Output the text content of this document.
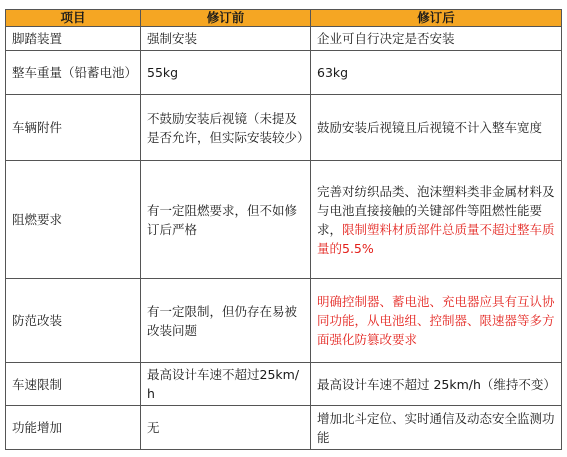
项目	修订前	修订后
脚踏装置	强制安装	企业可自行决定是否安装
整车重量（铅蓄电池）	55kg	63kg
车辆附件	不鼓励安装后视镜（未提及是否允许，但实际安装较少）	鼓励安装后视镜且后视镜不计入整车宽度
阻燃要求	有一定阻燃要求，但不如修订后严格	完善对纺织品类、泡沫塑料类非金属材料及与电池直接接触的关键部件等阻燃性能要求，限制塑料材质部件总质量不超过整车质量的5.5%
防范改装	有一定限制，但仍存在易被改装问题	明确控制器、蓄电池、充电器应具有互认协同功能，从电池组、控制器、限速器等多方面强化防篡改要求
车速限制	最高设计车速不超过25km/h	最高设计车速不超过 25km/h（维持不变）
功能增加	无	增加北斗定位、实时通信及动态安全监测功能
